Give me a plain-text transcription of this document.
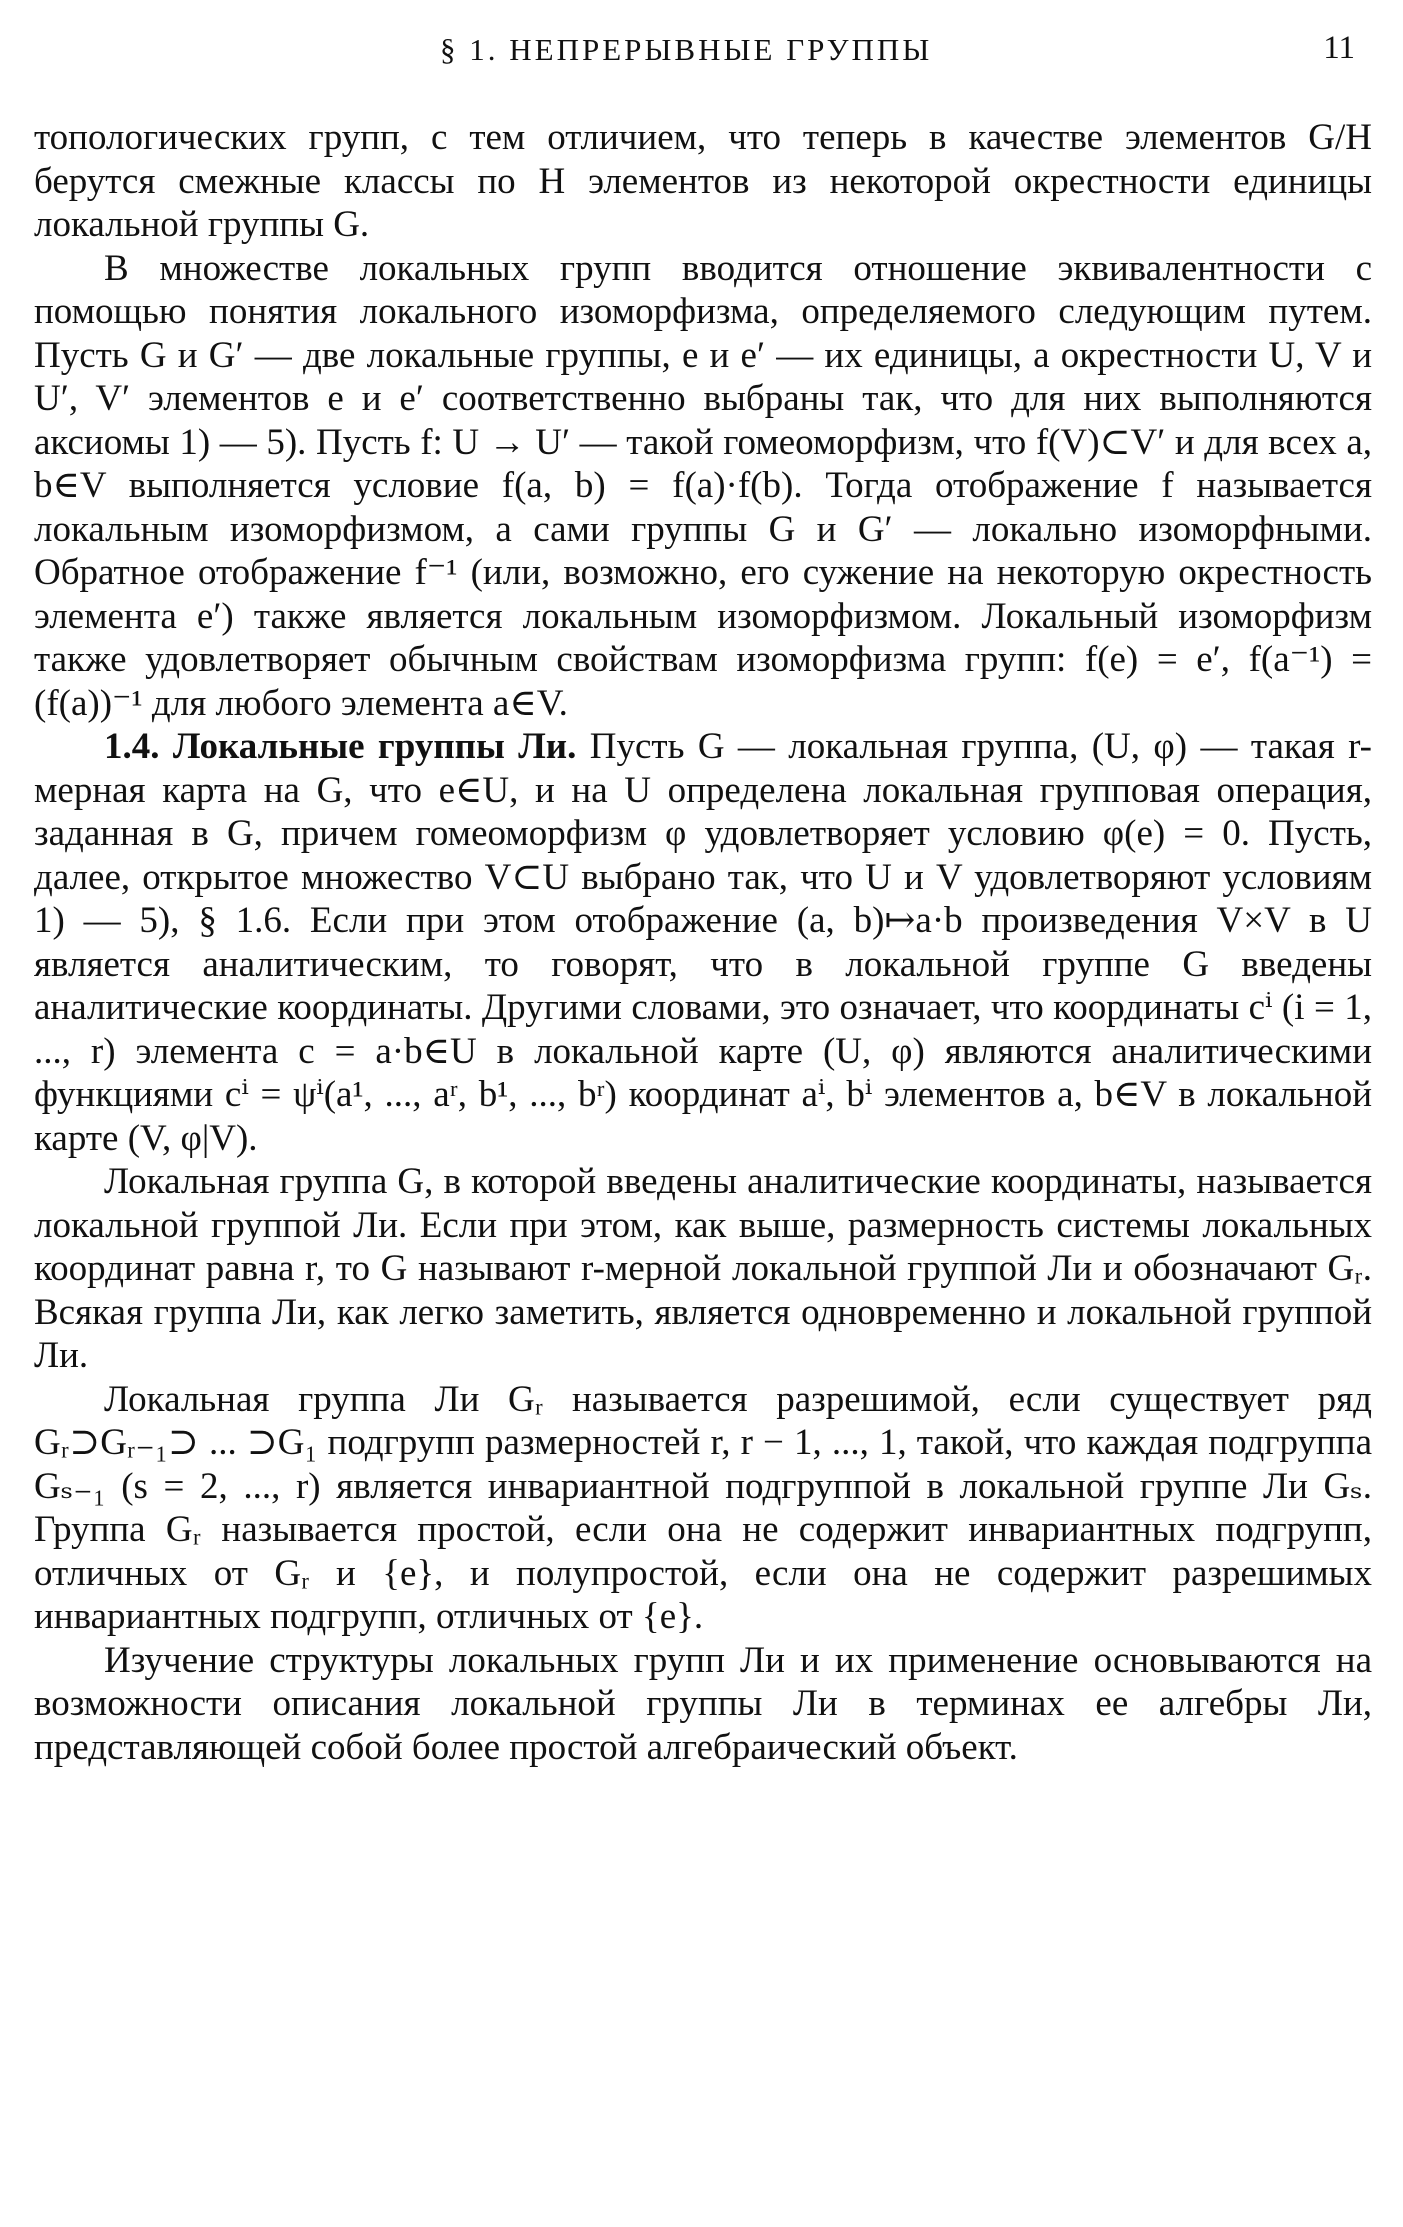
§ 1. НЕПРЕРЫВНЫЕ ГРУППЫ	11

топологических групп, с тем отличием, что теперь в качестве элементов G/H берутся смежные классы по H элементов из некоторой окрестности единицы локальной группы G.

В множестве локальных групп вводится отношение эквивалентности с помощью понятия локального изоморфизма, определяемого следующим путем. Пусть G и G′ — две локальные группы, e и e′ — их единицы, а окрестности U, V и U′, V′ элементов e и e′ соответственно выбраны так, что для них выполняются аксиомы 1) — 5). Пусть f: U → U′ — такой гомеоморфизм, что f(V)⊂V′ и для всех a, b∈V выполняется условие f(a, b) = f(a)·f(b). Тогда отображение f называется локальным изоморфизмом, а сами группы G и G′ — локально изоморфными. Обратное отображение f⁻¹ (или, возможно, его сужение на некоторую окрестность элемента e′) также является локальным изоморфизмом. Локальный изоморфизм также удовлетворяет обычным свойствам изоморфизма групп: f(e) = e′, f(a⁻¹) = (f(a))⁻¹ для любого элемента a∈V.

1.4. Локальные группы Ли. Пусть G — локальная группа, (U, φ) — такая r-мерная карта на G, что e∈U, и на U определена локальная групповая операция, заданная в G, причем гомеоморфизм φ удовлетворяет условию φ(e) = 0. Пусть, далее, открытое множество V⊂U выбрано так, что U и V удовлетворяют условиям 1) — 5), § 1.6. Если при этом отображение (a, b)↦a·b произведения V×V в U является аналитическим, то говорят, что в локальной группе G введены аналитические координаты. Другими словами, это означает, что координаты cⁱ (i = 1, ..., r) элемента c = a·b∈U в локальной карте (U, φ) являются аналитическими функциями cⁱ = ψⁱ(a¹, ..., aʳ, b¹, ..., bʳ) координат aⁱ, bⁱ элементов a, b∈V в локальной карте (V, φ|V).

Локальная группа G, в которой введены аналитические координаты, называется локальной группой Ли. Если при этом, как выше, размерность системы локальных координат равна r, то G называют r-мерной локальной группой Ли и обозначают Gᵣ. Всякая группа Ли, как легко заметить, является одновременно и локальной группой Ли.

Локальная группа Ли Gᵣ называется разрешимой, если существует ряд Gᵣ⊃Gᵣ₋₁⊃ ... ⊃G₁ подгрупп размерностей r, r − 1, ..., 1, такой, что каждая подгруппа Gₛ₋₁ (s = 2, ..., r) является инвариантной подгруппой в локальной группе Ли Gₛ. Группа Gᵣ называется простой, если она не содержит инвариантных подгрупп, отличных от Gᵣ и {e}, и полупростой, если она не содержит разрешимых инвариантных подгрупп, отличных от {e}.

Изучение структуры локальных групп Ли и их применение основываются на возможности описания локальной группы Ли в терминах ее алгебры Ли, представляющей собой более простой алгебраический объект.
